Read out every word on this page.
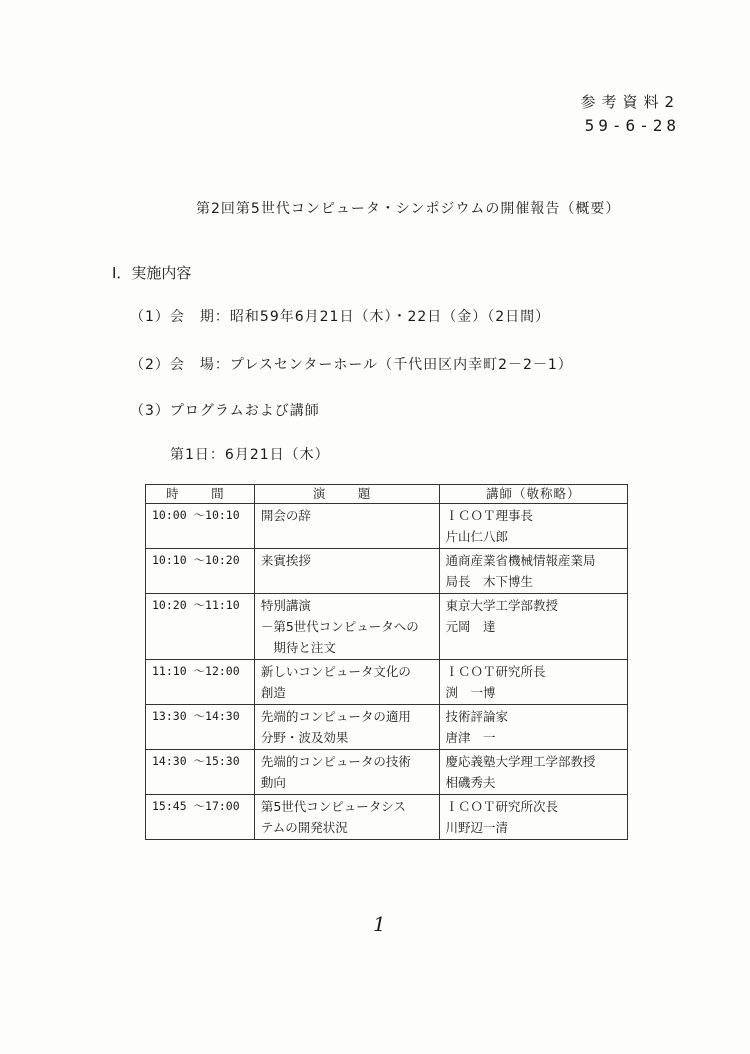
参考資料2
59-6-28
第2回第5世代コンピュータ・シンポジウムの開催報告（概要）
Ⅰ．実施内容
（1）会　期：昭和59年6月21日（木）・22日（金）（2日間）
（2）会　場：プレスセンターホール（千代田区内幸町2－2－1）
（3）プログラムおよび講師
第1日：6月21日（木）
時　間	演　題	講師（敬称略）
10:00 ～10:10	開会の辞	ＩＣＯＴ理事長
片山仁八郎

10:10 ～10:20	来賓挨拶	通商産業省機械情報産業局
局長　木下博生

10:20 ～11:10	特別講演
－第5世代コンピュータへの
　期待と注文	東京大学工学部教授
元岡　達

11:10 ～12:00	新しいコンピュータ文化の
創造	ＩＣＯＴ研究所長
渕　一博

13:30 ～14:30	先端的コンピュータの適用
分野・波及効果	技術評論家
唐津　一

14:30 ～15:30	先端的コンピュータの技術
動向	慶応義塾大学理工学部教授
相磯秀夫

15:45 ～17:00	第5世代コンピュータシス
テムの開発状況	ＩＣＯＴ研究所次長
川野辺一清
1
